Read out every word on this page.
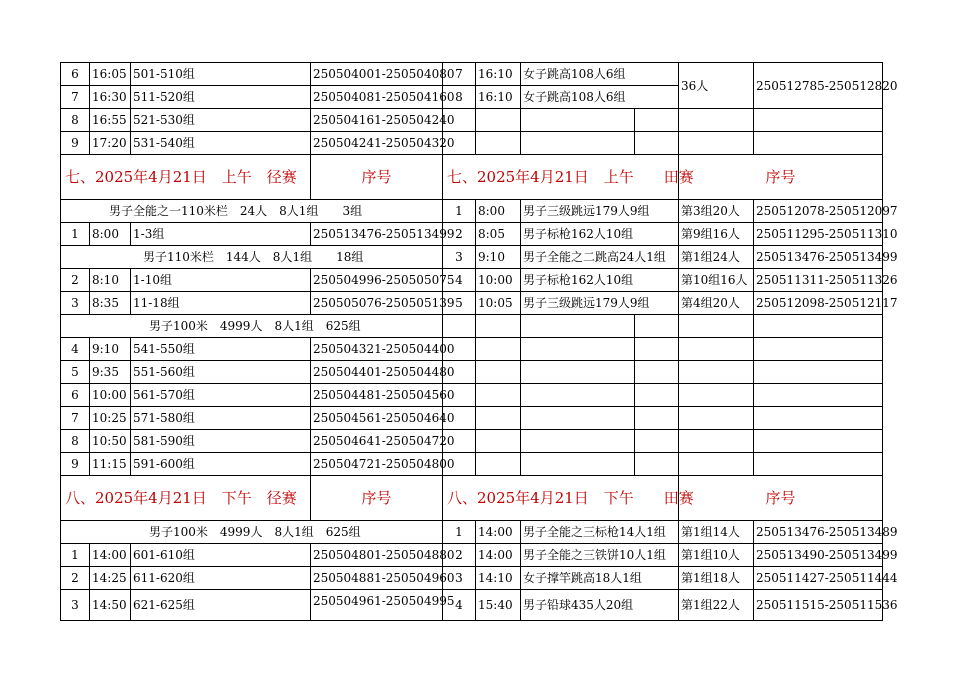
6	16:05	501-510组	250504001-250504080	7	16:10	女子跳高108人6组		36人	250512785-250512820
7	16:30	511-520组	250504081-250504160	8	16:10	女子跳高108人6组			
8	16:55	521-530组	250504161-250504240						
9	17:20	531-540组	250504241-250504320						
七、2025年4月21日　上午　径赛			序号	七、2025年4月21日　上午　　田赛				序号	
男子全能之一110米栏　24人　8人1组　　3组				1	8:00	男子三级跳远179人9组		第3组20人	250512078-250512097
1	8:00	1-3组	250513476-250513499	2	8:05	男子标枪162人10组		第9组16人	250511295-250511310
男子110米栏　144人　8人1组　　18组				3	9:10	男子全能之二跳高24人1组		第1组24人	250513476-250513499
2	8:10	1-10组	250504996-250505075	4	10:00	男子标枪162人10组		第10组16人	250511311-250511326
3	8:35	11-18组	250505076-250505139	5	10:05	男子三级跳远179人9组		第4组20人	250512098-250512117
男子100米　4999人　8人1组　625组									
4	9:10	541-550组	250504321-250504400						
5	9:35	551-560组	250504401-250504480						
6	10:00	561-570组	250504481-250504560						
7	10:25	571-580组	250504561-250504640						
8	10:50	581-590组	250504641-250504720						
9	11:15	591-600组	250504721-250504800						
八、2025年4月21日　下午　径赛			序号	八、2025年4月21日　下午　　田赛				序号	
男子100米　4999人　8人1组　625组				1	14:00	男子全能之三标枪14人1组		第1组14人	250513476-250513489
1	14:00	601-610组	250504801-250504880	2	14:00	男子全能之三铁饼10人1组		第1组10人	250513490-250513499
2	14:25	611-620组	250504881-250504960	3	14:10	女子撑竿跳高18人1组		第1组18人	250511427-250511444
3	14:50	621-625组	250504961-250504995	4	15:40	男子铅球435人20组		第1组22人	250511515-250511536
